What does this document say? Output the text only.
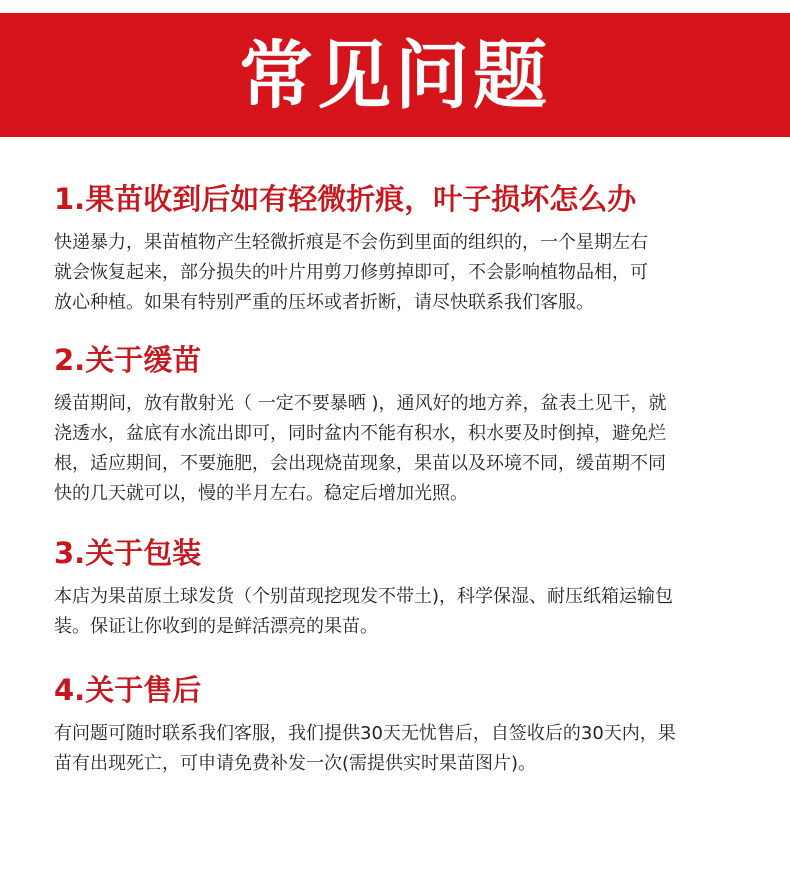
常见问题
1.果苗收到后如有轻微折痕，叶子损坏怎么办

快递暴力，果苗植物产生轻微折痕是不会伤到里面的组织的，一个星期左右
就会恢复起来，部分损失的叶片用剪刀修剪掉即可，不会影响植物品相，可
放心种植。如果有特别严重的压坏或者折断，请尽快联系我们客服。

2.关于缓苗

缓苗期间，放有散射光（ 一定不要暴晒 )，通风好的地方养，盆表土见干，就
浇透水，盆底有水流出即可，同时盆内不能有积水，积水要及时倒掉，避免烂
根，适应期间，不要施肥，会出现烧苗现象，果苗以及环境不同，缓苗期不同
快的几天就可以，慢的半月左右。稳定后增加光照。

3.关于包装

本店为果苗原土球发货（个别苗现挖现发不带土)，科学保湿、耐压纸箱运输包
装。保证让你收到的是鲜活漂亮的果苗。

4.关于售后

有问题可随时联系我们客服，我们提供30天无忧售后，自签收后的30天内，果
苗有出现死亡，可申请免费补发一次(需提供实时果苗图片)。
